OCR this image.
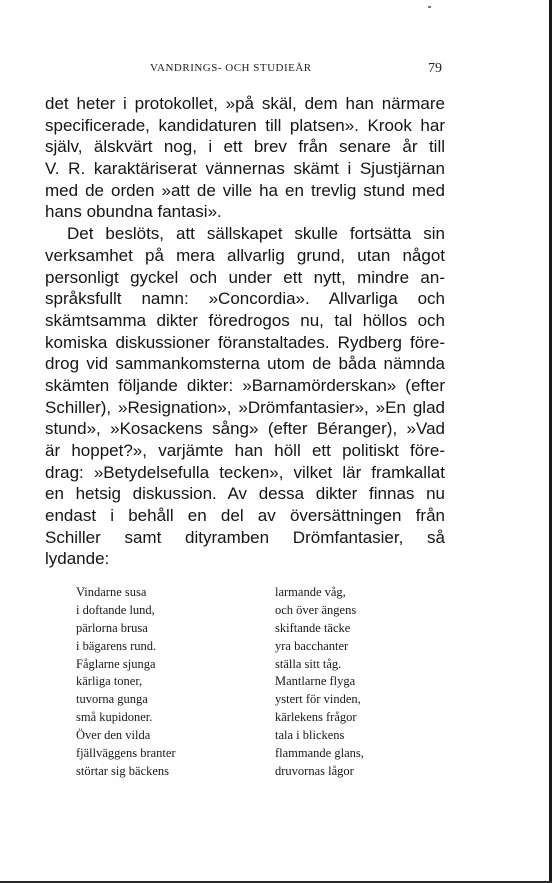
VANDRINGS- OCH STUDIEÅR	79
det heter i protokollet, »på skäl, dem han närmare
specificerade, kandidaturen till platsen». Krook har
själv, älskvärt nog, i ett brev från senare år till
V. R. karaktäriserat vännernas skämt i Sjustjärnan
med de orden »att de ville ha en trevlig stund med
hans obundna fantasi».
Det beslöts, att sällskapet skulle fortsätta sin
verksamhet på mera allvarlig grund, utan något
personligt gyckel och under ett nytt, mindre an-
språksfullt namn: »Concordia». Allvarliga och
skämtsamma dikter föredrogos nu, tal höllos och
komiska diskussioner föranstaltades. Rydberg före-
drog vid sammankomsterna utom de båda nämnda
skämten följande dikter: »Barnamörderskan» (efter
Schiller), »Resignation», »Drömfantasier», »En glad
stund», »Kosackens sång» (efter Béranger), »Vad
är hoppet?», varjämte han höll ett politiskt före-
drag: »Betydelsefulla tecken», vilket lär framkallat
en hetsig diskussion. Av dessa dikter finnas nu
endast i behåll en del av översättningen från
Schiller samt dityramben Drömfantasier, så
lydande:
Vindarne susa
i doftande lund,
pärlorna brusa
i bägarens rund.
Fåglarne sjunga
kärliga toner,
tuvorna gunga
små kupidoner.
Över den vilda
fjällväggens branter
störtar sig bäckens
larmande våg,
och över ängens
skiftande täcke
yra bacchanter
ställa sitt tåg.
Mantlarne flyga
ystert för vinden,
kärlekens frågor
tala i blickens
flammande glans,
druvornas lågor
